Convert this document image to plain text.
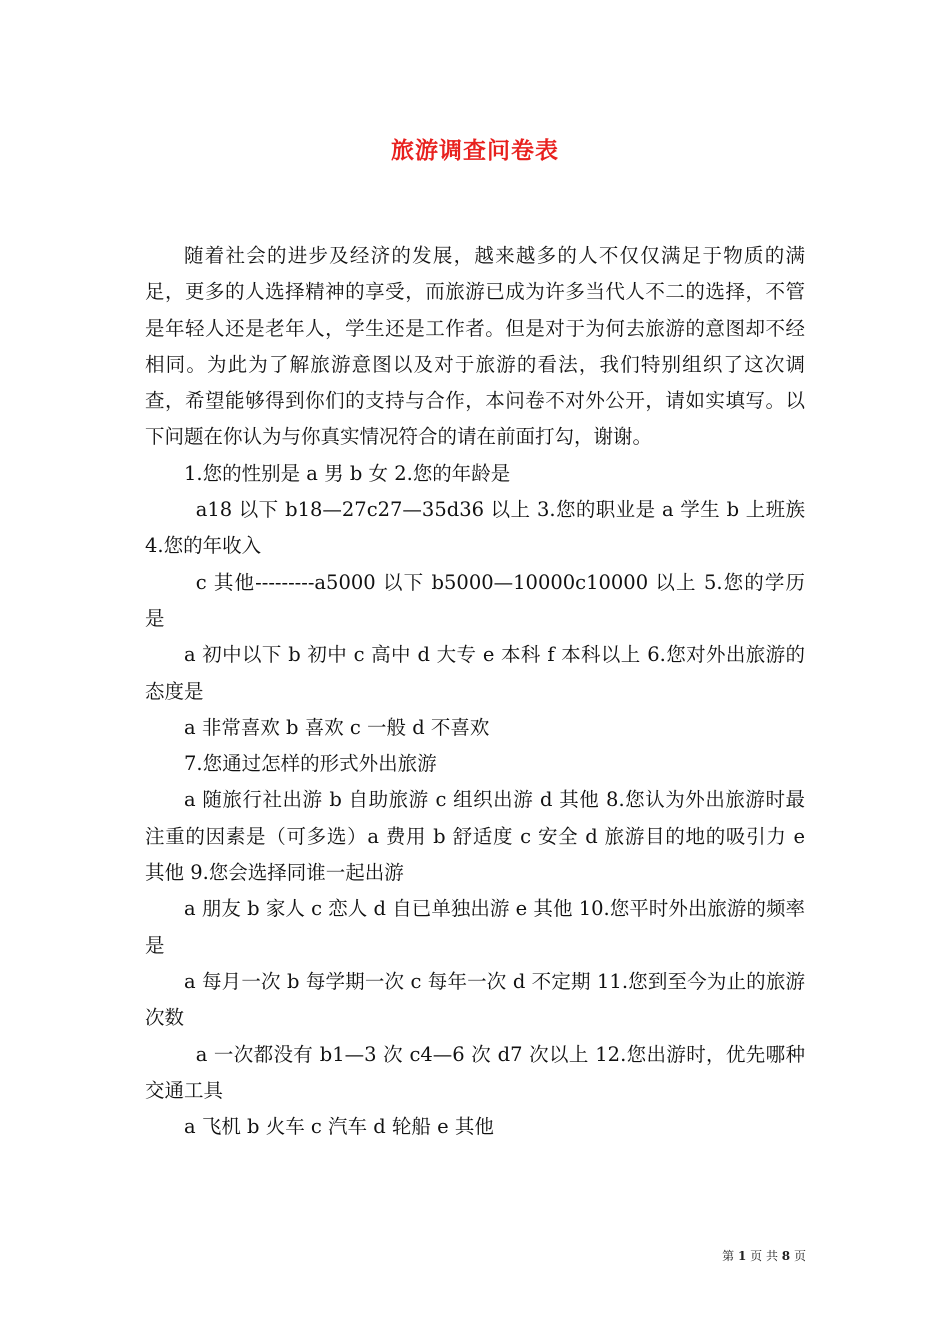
旅游调查问卷表

随着社会的进步及经济的发展，越来越多的人不仅仅满足于物质的满足，更多的人选择精神的享受，而旅游已成为许多当代人不二的选择，不管是年轻人还是老年人，学生还是工作者。但是对于为何去旅游的意图却不经相同。为此为了解旅游意图以及对于旅游的看法，我们特别组织了这次调查，希望能够得到你们的支持与合作，本问卷不对外公开，请如实填写。以下问题在你认为与你真实情况符合的请在前面打勾，谢谢。

1.您的性别是 a 男 b 女 2.您的年龄是

a18 以下 b18—27c27—35d36 以上 3.您的职业是 a 学生 b 上班族 4.您的年收入

c 其他---------a5000 以下 b5000—10000c10000 以上 5.您的学历是

a 初中以下 b 初中 c 高中 d 大专 e 本科 f 本科以上 6.您对外出旅游的态度是

a 非常喜欢 b 喜欢 c 一般 d 不喜欢

7.您通过怎样的形式外出旅游

a 随旅行社出游 b 自助旅游 c 组织出游 d 其他 8.您认为外出旅游时最注重的因素是（可多选）a 费用 b 舒适度 c 安全 d 旅游目的地的吸引力 e 其他 9.您会选择同谁一起出游

a 朋友 b 家人 c 恋人 d 自已单独出游 e 其他 10.您平时外出旅游的频率是

a 每月一次 b 每学期一次 c 每年一次 d 不定期 11.您到至今为止的旅游次数

a 一次都没有 b1—3 次 c4—6 次 d7 次以上 12.您出游时，优先哪种交通工具

a 飞机 b 火车 c 汽车 d 轮船 e 其他

第 1 页 共 8 页
